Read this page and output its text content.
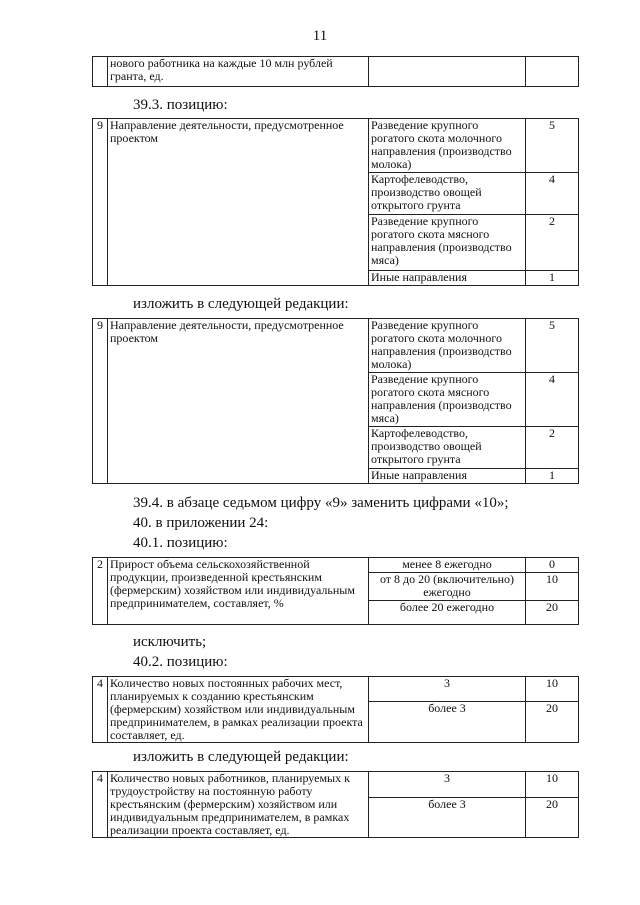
11
	нового работника на каждые 10 млн рублей гранта, ед.		
39.3. позицию:
9	Направление деятельности, предусмотренное проектом	Разведение крупного рогатого скота молочного направления (производство молока)	5
		Картофелеводство, производство овощей открытого грунта	4
		Разведение крупного рогатого скота мясного направления (производство мяса)	2
		Иные направления	1
изложить в следующей редакции:
9	Направление деятельности, предусмотренное проектом	Разведение крупного рогатого скота молочного направления (производство молока)	5
		Разведение крупного рогатого скота мясного направления (производство мяса)	4
		Картофелеводство, производство овощей открытого грунта	2
		Иные направления	1
39.4. в абзаце седьмом цифру «9» заменить цифрами «10»;
40. в приложении 24:
40.1. позицию:
2	Прирост объема сельскохозяйственной продукции, произведенной крестьянским (фермерским) хозяйством или индивидуальным предпринимателем, составляет, %	менее 8 ежегодно	0
		от 8 до 20 (включительно) ежегодно	10
		более 20 ежегодно	20
исключить;
40.2. позицию:
4	Количество новых постоянных рабочих мест, планируемых к созданию крестьянским (фермерским) хозяйством или индивидуальным предпринимателем, в рамках реализации проекта составляет, ед.	3	10
		более 3	20
изложить в следующей редакции:
4	Количество новых работников, планируемых к трудоустройству на постоянную работу крестьянским (фермерским) хозяйством или индивидуальным предпринимателем, в рамках реализации проекта составляет, ед.	3	10
		более 3	20
